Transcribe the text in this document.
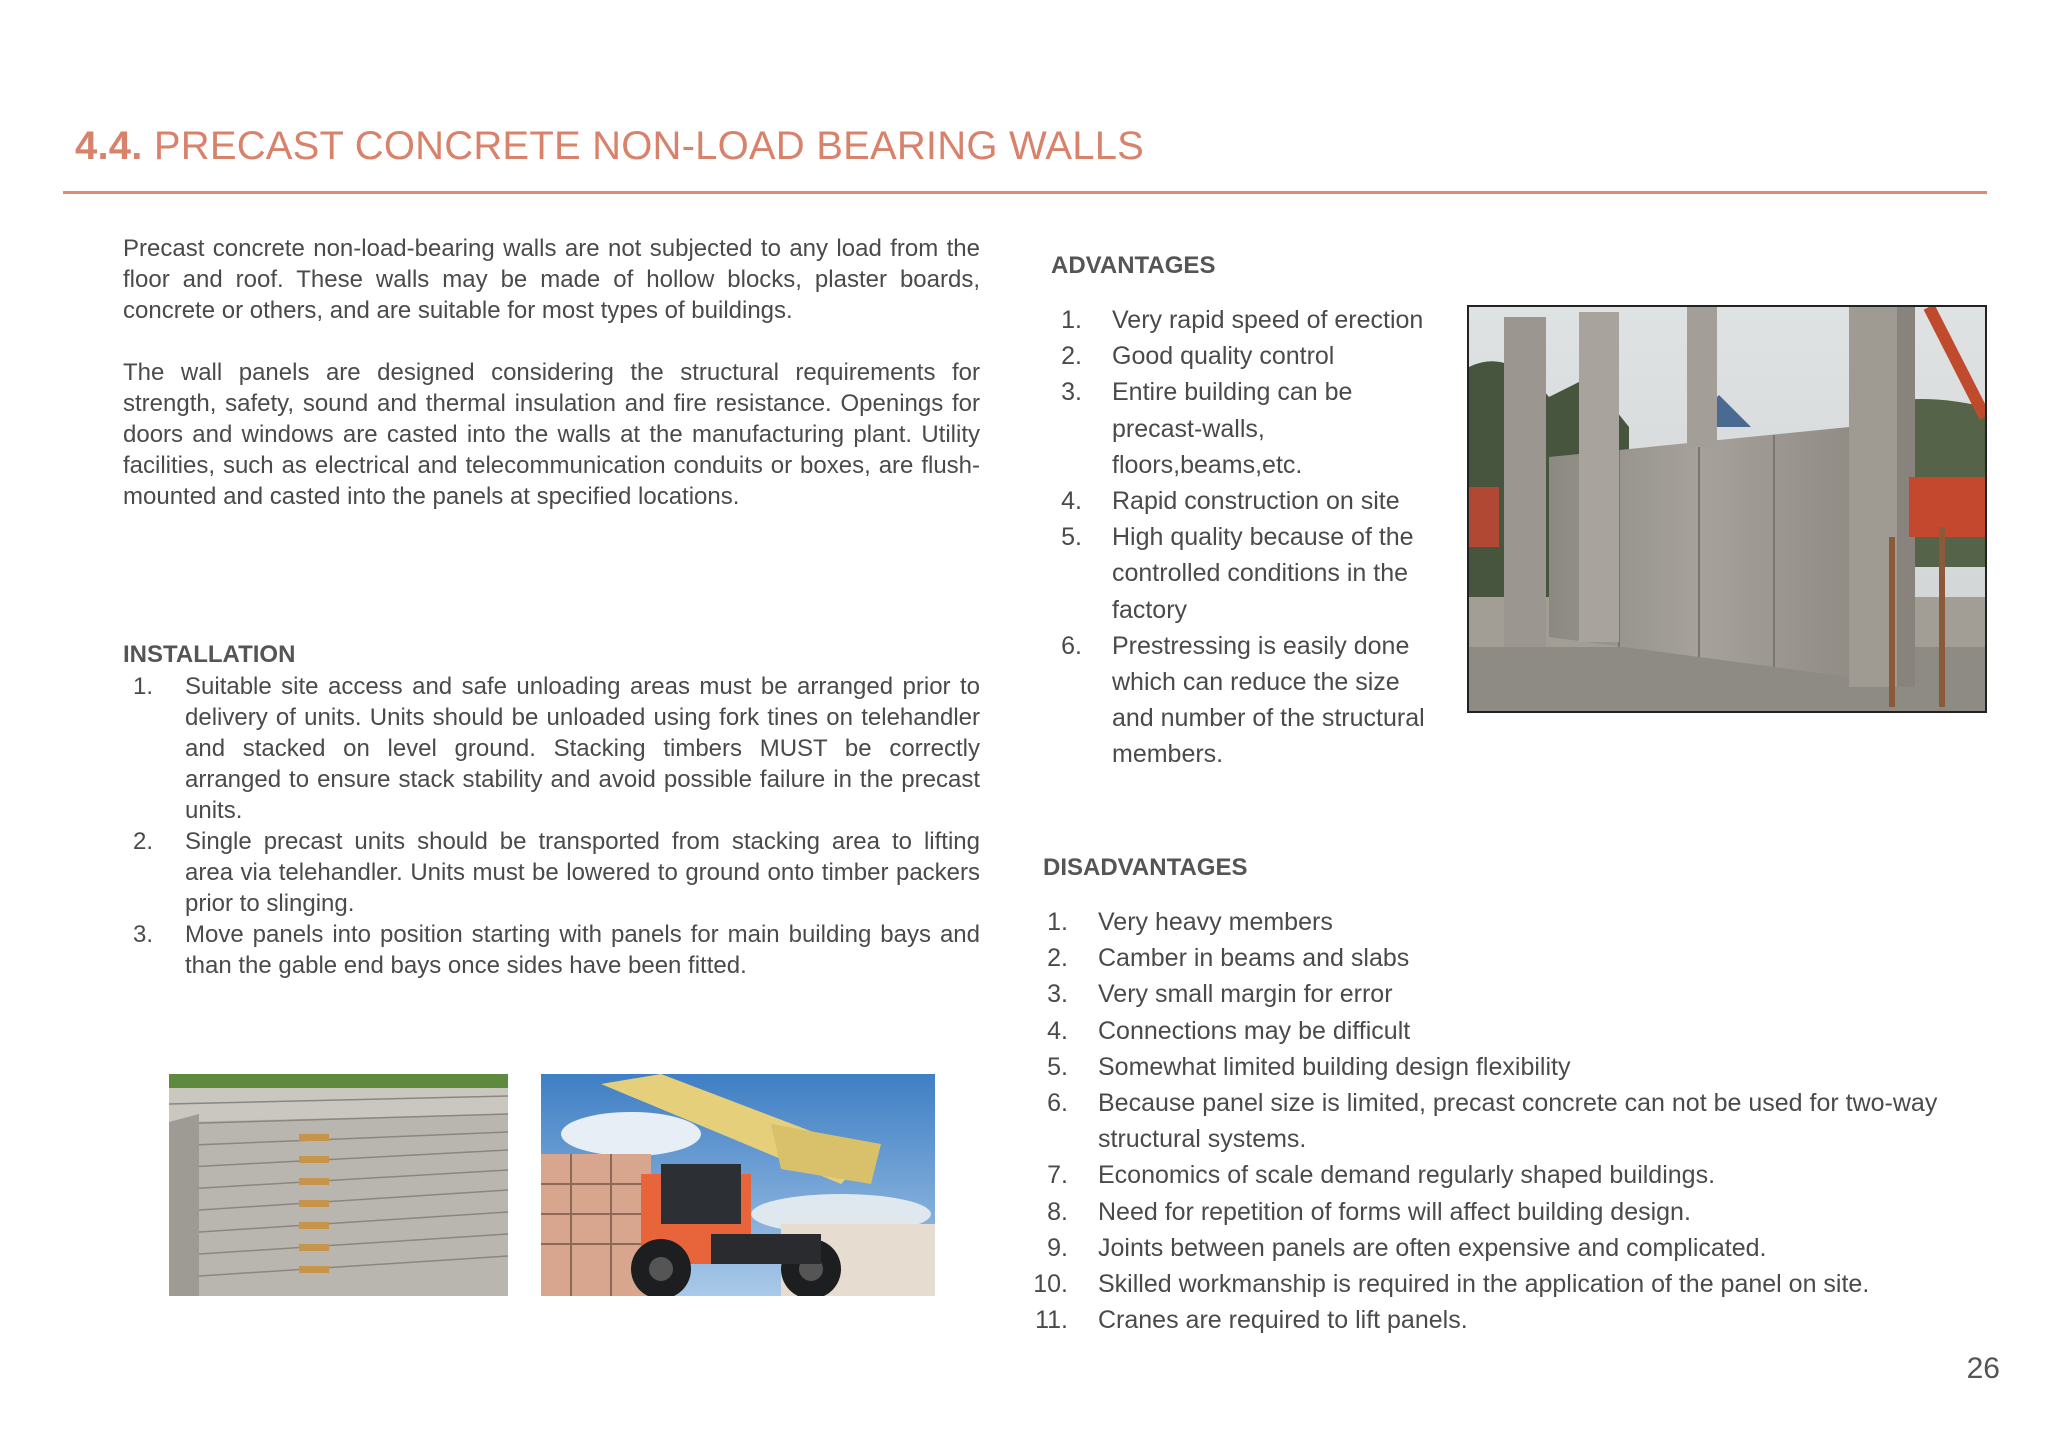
4.4. PRECAST CONCRETE NON-LOAD BEARING WALLS

Precast concrete non-load-bearing walls are not subjected to any load from the floor and roof. These walls may be made of hollow blocks, plaster boards, concrete or others, and are suitable for most types of buildings.

The wall panels are designed considering the structural requirements for strength, safety, sound and thermal insulation and fire resistance. Openings for doors and windows are casted into the walls at the manufacturing plant. Utility facilities, such as electrical and telecommunication conduits or boxes, are flush-mounted and casted into the panels at specified locations.

INSTALLATION
1. Suitable site access and safe unloading areas must be arranged prior to delivery of units. Units should be unloaded using fork tines on telehandler and stacked on level ground. Stacking timbers MUST be correctly arranged to ensure stack stability and avoid possible failure in the precast units.
2. Single precast units should be transported from stacking area to lifting area via telehandler. Units must be lowered to ground onto timber packers prior to slinging.
3. Move panels into position starting with panels for main building bays and than the gable end bays once sides have been fitted.
ADVANTAGES
1. Very rapid speed of erection
2. Good quality control
3. Entire building can be precast-walls, floors,beams,etc.
4. Rapid construction on site
5. High quality because of the controlled conditions in the factory
6. Prestressing is easily done which can reduce the size and number of the structural members.
DISADVANTAGES
1. Very heavy members
2. Camber in beams and slabs
3. Very small margin for error
4. Connections may be difficult
5. Somewhat limited building design flexibility
6. Because panel size is limited, precast concrete can not be used for two-way structural systems.
7. Economics of scale demand regularly shaped buildings.
8. Need for repetition of forms will affect building design.
9. Joints between panels are often expensive and complicated.
10. Skilled workmanship is required in the application of the panel on site.
11. Cranes are required to lift panels.
26
